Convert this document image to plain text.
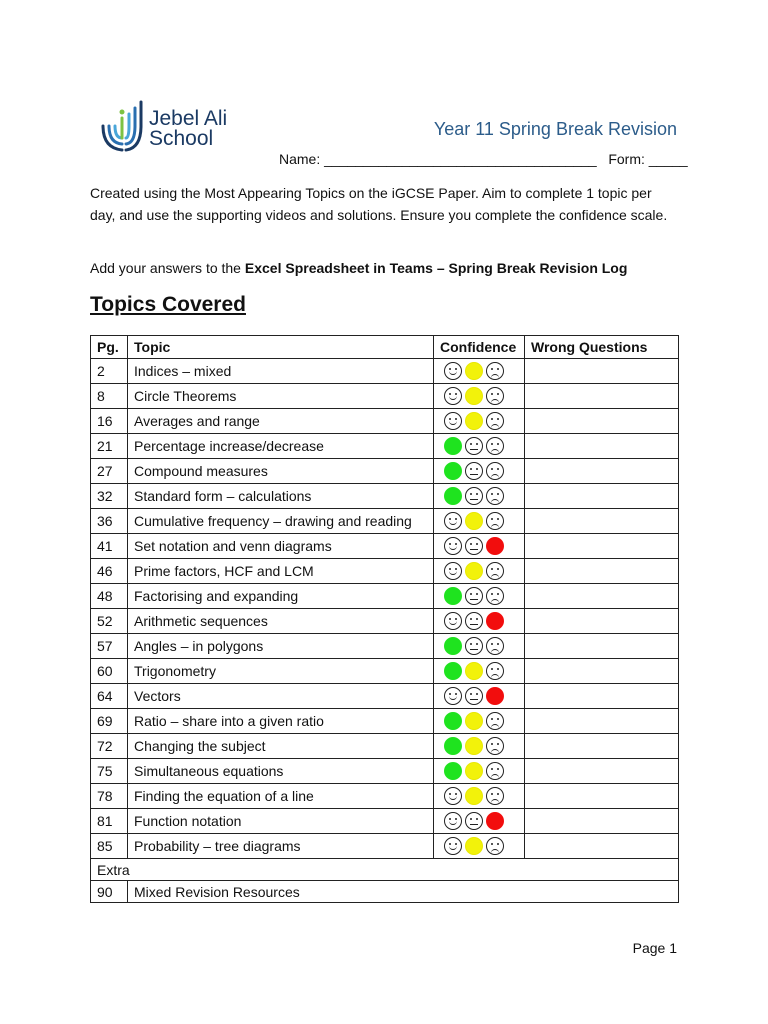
Jebel Ali
School	Year 11 Spring Break Revision
Name: ___________________________________ Form: _____
Created using the Most Appearing Topics on the iGCSE Paper. Aim to complete 1 topic per day, and use the supporting videos and solutions. Ensure you complete the confidence scale.
Add your answers to the Excel Spreadsheet in Teams – Spring Break Revision Log
Topics Covered
Pg.	Topic	Confidence	Wrong Questions
2	Indices – mixed	

8	Circle Theorems	

16	Averages and range	

21	Percentage increase/decrease	

27	Compound measures	

32	Standard form – calculations	

36	Cumulative frequency – drawing and reading	

41	Set notation and venn diagrams	

46	Prime factors, HCF and LCM	

48	Factorising and expanding	

52	Arithmetic sequences	

57	Angles – in polygons	

60	Trigonometry	

64	Vectors	

69	Ratio – share into a given ratio	

72	Changing the subject	

75	Simultaneous equations	

78	Finding the equation of a line	

81	Function notation	

85	Probability – tree diagrams	

Extra			
90	Mixed Revision Resources		
Page 1
